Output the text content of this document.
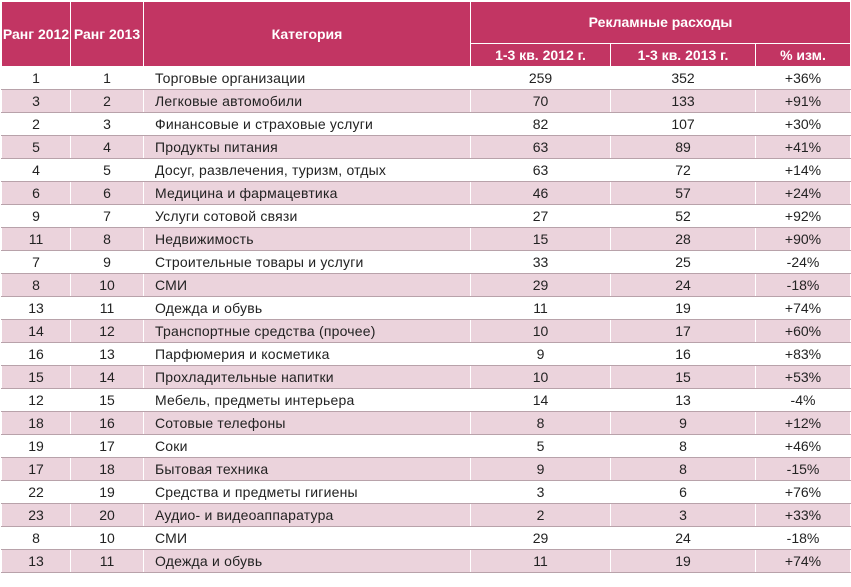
Ранг 2012	Ранг 2013	Категория	Рекламные расходы		
			1-3 кв. 2012 г.	1-3 кв. 2013 г.	% изм.
1	1	Торговые организации	259	352	+36%
3	2	Легковые автомобили	70	133	+91%
2	3	Финансовые и страховые услуги	82	107	+30%
5	4	Продукты питания	63	89	+41%
4	5	Досуг, развлечения, туризм, отдых	63	72	+14%
6	6	Медицина и фармацевтика	46	57	+24%
9	7	Услуги сотовой связи	27	52	+92%
11	8	Недвижимость	15	28	+90%
7	9	Строительные товары и услуги	33	25	-24%
8	10	СМИ	29	24	-18%
13	11	Одежда и обувь	11	19	+74%
14	12	Транспортные средства (прочее)	10	17	+60%
16	13	Парфюмерия и косметика	9	16	+83%
15	14	Прохладительные напитки	10	15	+53%
12	15	Мебель, предметы интерьера	14	13	-4%
18	16	Сотовые телефоны	8	9	+12%
19	17	Соки	5	8	+46%
17	18	Бытовая техника	9	8	-15%
22	19	Средства и предметы гигиены	3	6	+76%
23	20	Аудио- и видеоаппаратура	2	3	+33%
8	10	СМИ	29	24	-18%
13	11	Одежда и обувь	11	19	+74%
